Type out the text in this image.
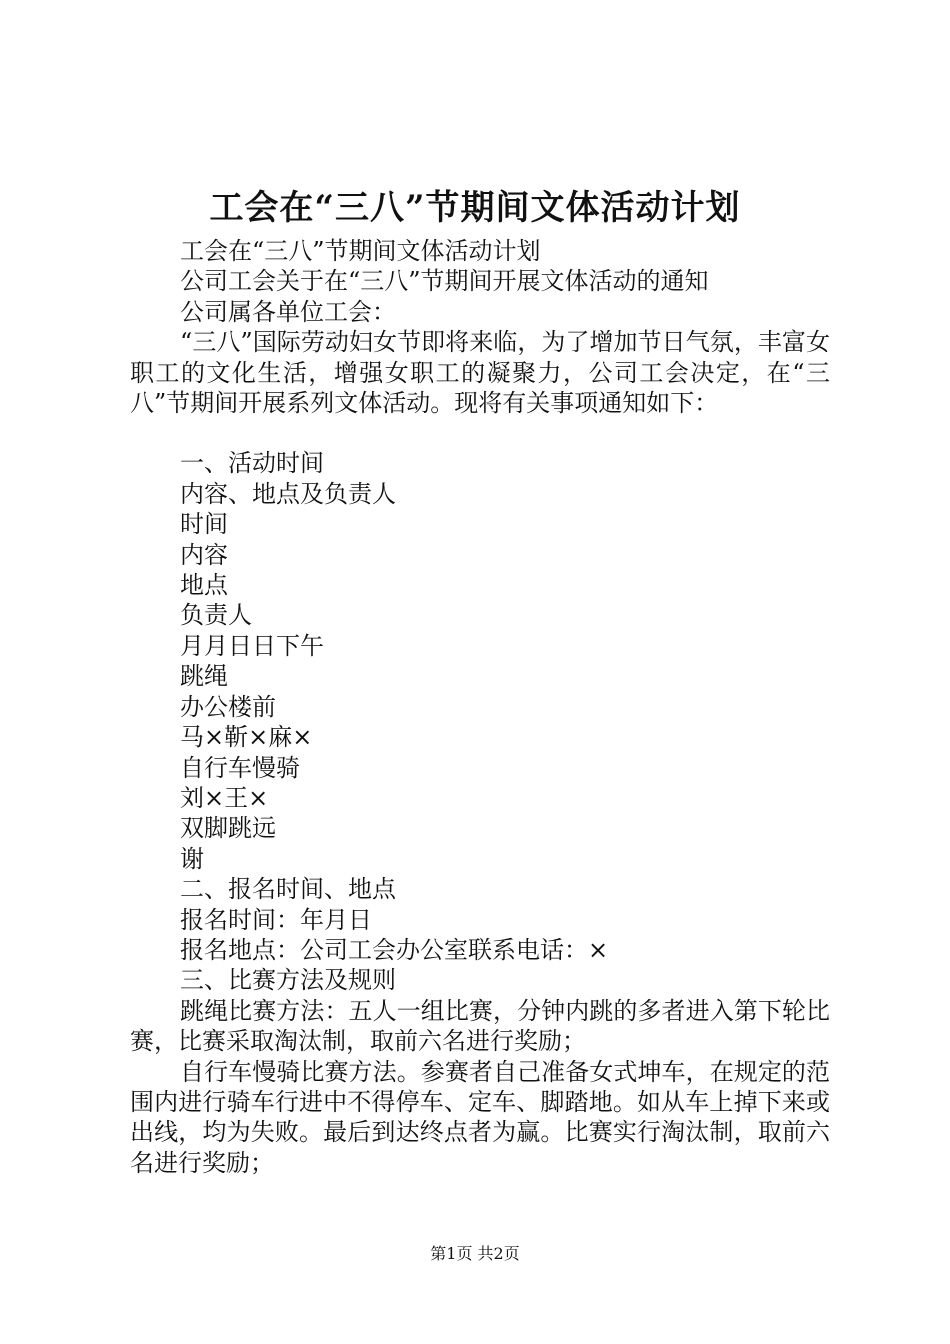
工会在“三八”节期间文体活动计划
工会在“三八”节期间文体活动计划
公司工会关于在“三八”节期间开展文体活动的通知
公司属各单位工会：
“三八”国际劳动妇女节即将来临，为了增加节日气氛，丰富女职工的文化生活，增强女职工的凝聚力，公司工会决定，在“三八”节期间开展系列文体活动。现将有关事项通知如下：
一、活动时间
内容、地点及负责人
时间
内容
地点
负责人
月月日日下午
跳绳
办公楼前
马×靳×麻×
自行车慢骑
刘×王×
双脚跳远
谢
二、报名时间、地点
报名时间：年月日
报名地点：公司工会办公室联系电话：×
三、比赛方法及规则
跳绳比赛方法：五人一组比赛，分钟内跳的多者进入第下轮比赛，比赛采取淘汰制，取前六名进行奖励；
自行车慢骑比赛方法。参赛者自己准备女式坤车，在规定的范围内进行骑车行进中不得停车、定车、脚踏地。如从车上掉下来或出线，均为失败。最后到达终点者为赢。比赛实行淘汰制，取前六名进行奖励；
第1页 共2页
